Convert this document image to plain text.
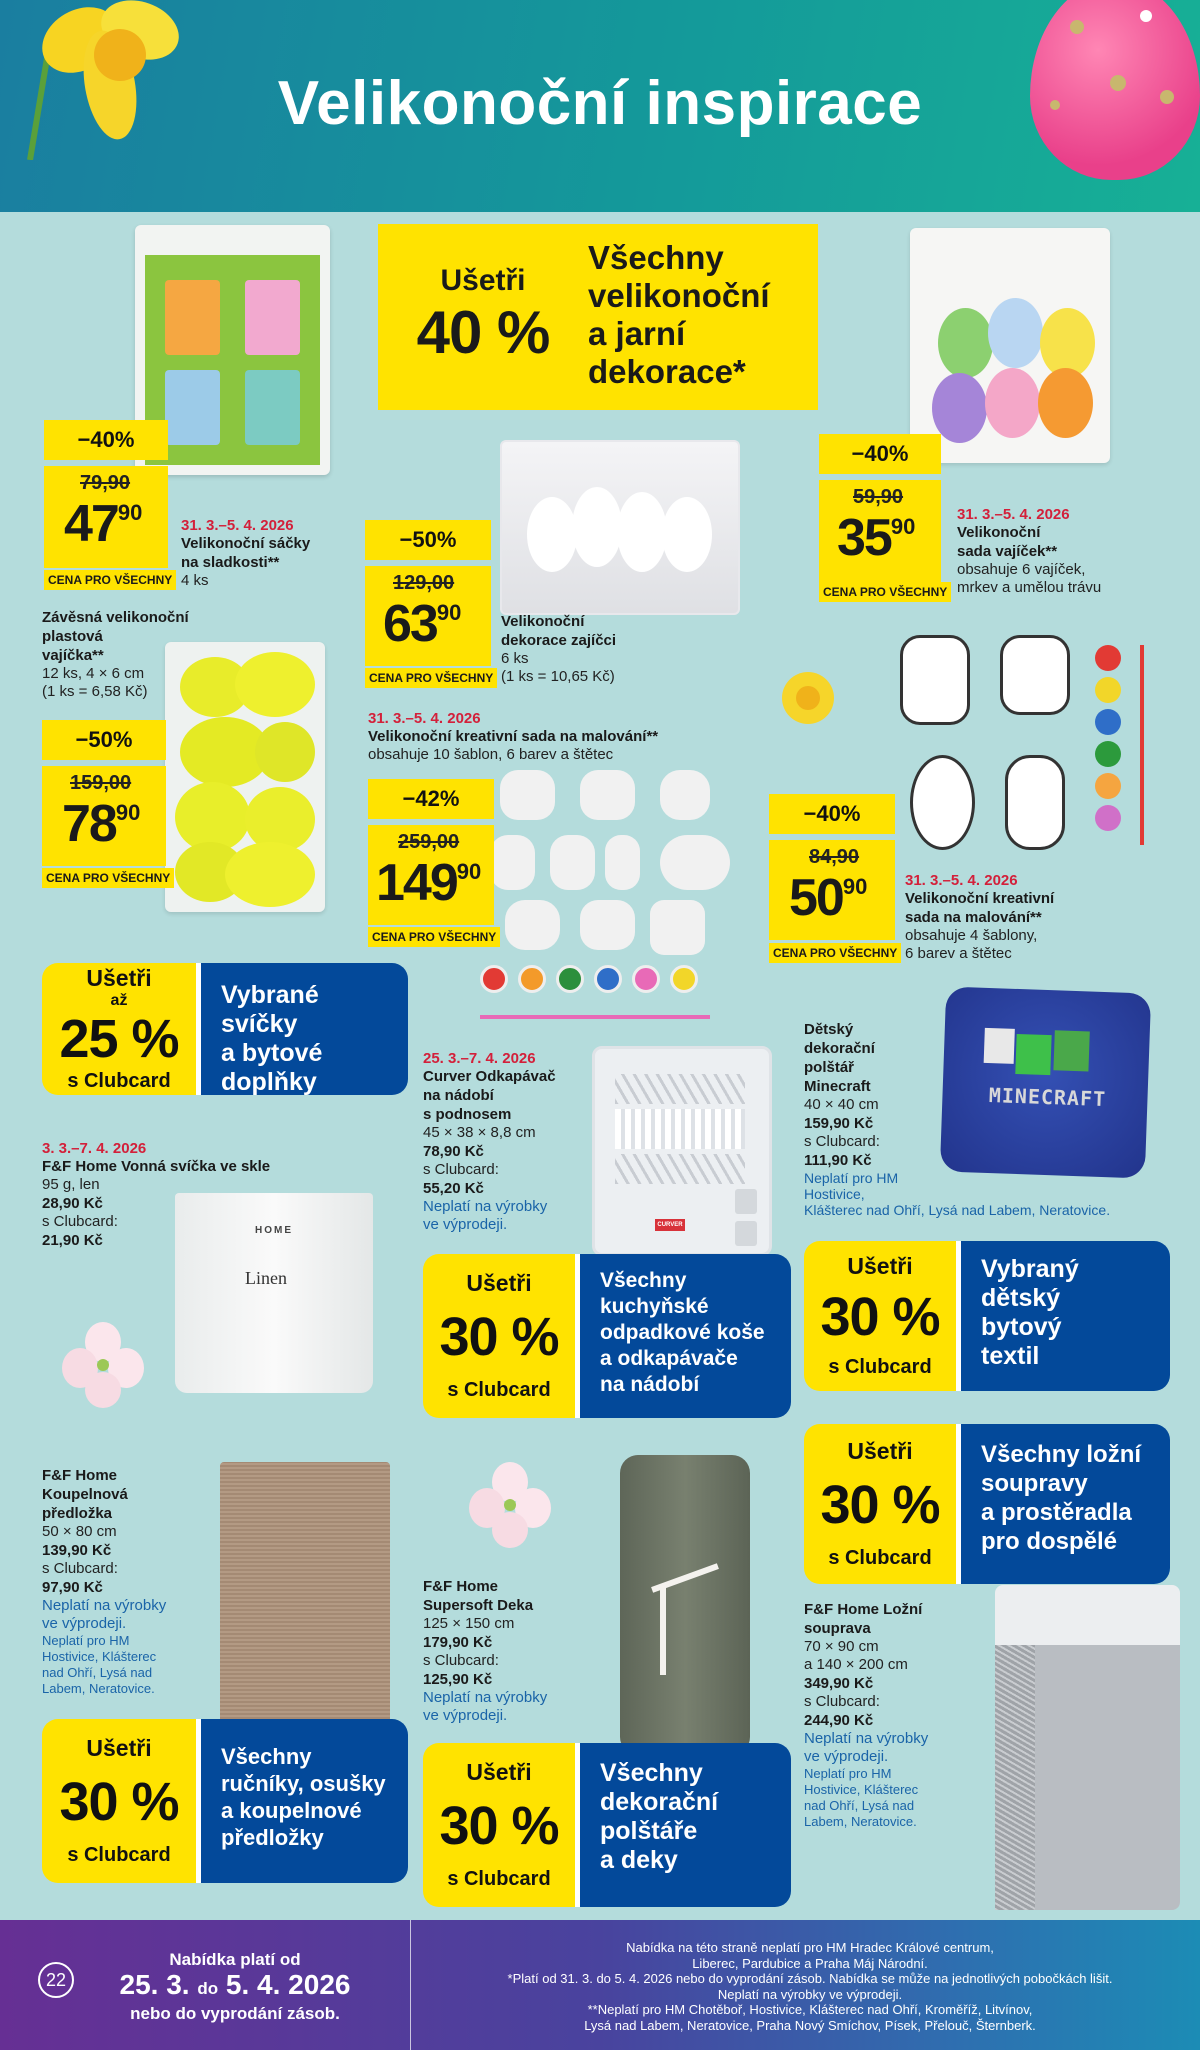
Velikonoční inspirace
Ušetři
40 %
Všechny
velikonoční
a jarní
dekorace*
−40%
79,90
$47^{90}$
CENA PRO VŠECHNY
31. 3.–5. 4. 2026
Velikonoční sáčky
na sladkosti**
4 ks
Závěsná velikonoční
plastová
vajíčka**
12 ks, 4 × 6 cm
(1 ks = 6,58 Kč)
−50%
159,00
$78^{90}$
CENA PRO VŠECHNY
−50%
129,00
$63^{90}$
CENA PRO VŠECHNY
Velikonoční
dekorace zajíčci
6 ks
(1 ks = 10,65 Kč)
31. 3.–5. 4. 2026
Velikonoční kreativní sada na malování**
obsahuje 10 šablon, 6 barev a štětec
−42%
259,00
$149^{90}$
CENA PRO VŠECHNY
−40%
59,90
$35^{90}$
CENA PRO VŠECHNY
31. 3.–5. 4. 2026
Velikonoční
sada vajíček**
obsahuje 6 vajíček,
mrkev a umělou trávu
−40%
84,90
$50^{90}$
CENA PRO VŠECHNY
31. 3.–5. 4. 2026
Velikonoční kreativní
sada na malování**
obsahuje 4 šablony,
6 barev a štětec
Ušetři
až
25 %
s Clubcard
Vybrané
svíčky
a bytové
doplňky
3. 3.–7. 4. 2026
F&F Home Vonná svíčka ve skle
95 g, len
28,90 Kč
s Clubcard:
21,90 Kč
HOME
Linen
25. 3.–7. 4. 2026
Curver Odkapávač
na nádobí
s podnosem
45 × 38 × 8,8 cm
78,90 Kč
s Clubcard:
55,20 Kč
Neplatí na výrobky
ve výprodeji.	CURVER
Dětský
dekorační
polštář
Minecraft
40 × 40 cm
159,90 Kč
s Clubcard:
111,90 Kč
Neplatí pro HM
Hostivice,
Klášterec nad Ohří, Lysá nad Labem, Neratovice.
MINECRAFT
Ušetři
30 %
s Clubcard
Všechny
kuchyňské
odpadkové koše
a odkapávače
na nádobí
Ušetři
30 %
s Clubcard
Vybraný
dětský
bytový
textil
Ušetři
30 %
s Clubcard
Všechny ložní
soupravy
a prostěradla
pro dospělé
F&F Home
Koupelnová
předložka
50 × 80 cm
139,90 Kč
s Clubcard:
97,90 Kč
Neplatí na výrobky
ve výprodeji.
Neplatí pro HM
Hostivice, Klášterec
nad Ohří, Lysá nad
Labem, Neratovice.
Ušetři
30 %
s Clubcard
Všechny
ručníky, osušky
a koupelnové
předložky
F&F Home
Supersoft Deka
125 × 150 cm
179,90 Kč
s Clubcard:
125,90 Kč
Neplatí na výrobky
ve výprodeji.
Ušetři
30 %
s Clubcard
Všechny
dekorační
polštáře
a deky
F&F Home Ložní
souprava
70 × 90 cm
a 140 × 200 cm
349,90 Kč
s Clubcard:
244,90 Kč
Neplatí na výrobky
ve výprodeji.
Neplatí pro HM
Hostivice, Klášterec
nad Ohří, Lysá nad
Labem, Neratovice.
22
Nabídka platí od
25. 3. do 5. 4. 2026
nebo do vyprodání zásob.
Nabídka na této straně neplatí pro HM Hradec Králové centrum,
Liberec, Pardubice a Praha Máj Národní.
*Platí od 31. 3. do 5. 4. 2026 nebo do vyprodání zásob. Nabídka se může na jednotlivých pobočkách lišit.
Neplatí na výrobky ve výprodeji.
**Neplatí pro HM Chotěboř, Hostivice, Klášterec nad Ohří, Kroměříž, Litvínov,
Lysá nad Labem, Neratovice, Praha Nový Smíchov, Písek, Přelouč, Šternberk.
